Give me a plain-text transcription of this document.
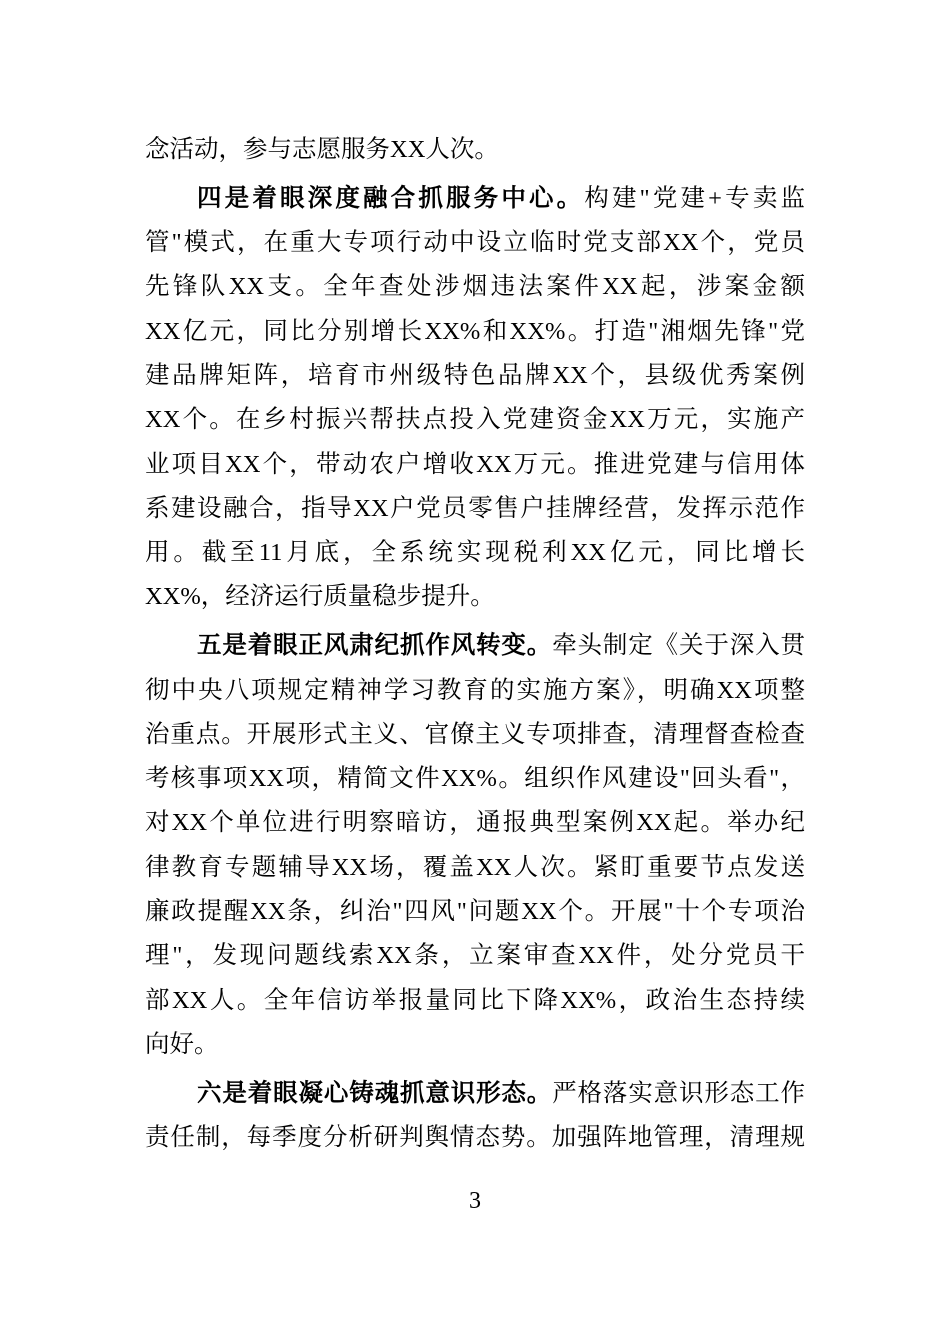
念活动，参与志愿服务XX人次。
四是着眼深度融合抓服务中心。构建"党建+专卖监
管"模式，在重大专项行动中设立临时党支部XX个，党员
先锋队XX支。全年查处涉烟违法案件XX起，涉案金额
XX亿元，同比分别增长XX%和XX%。打造"湘烟先锋"党
建品牌矩阵，培育市州级特色品牌XX个，县级优秀案例
XX个。在乡村振兴帮扶点投入党建资金XX万元，实施产
业项目XX个，带动农户增收XX万元。推进党建与信用体
系建设融合，指导XX户党员零售户挂牌经营，发挥示范作
用。截至11月底，全系统实现税利XX亿元，同比增长
XX%，经济运行质量稳步提升。
五是着眼正风肃纪抓作风转变。牵头制定《关于深入贯
彻中央八项规定精神学习教育的实施方案》，明确XX项整
治重点。开展形式主义、官僚主义专项排查，清理督查检查
考核事项XX项，精简文件XX%。组织作风建设"回头看"，
对XX个单位进行明察暗访，通报典型案例XX起。举办纪
律教育专题辅导XX场，覆盖XX人次。紧盯重要节点发送
廉政提醒XX条，纠治"四风"问题XX个。开展"十个专项治
理"，发现问题线索XX条，立案审查XX件，处分党员干
部XX人。全年信访举报量同比下降XX%，政治生态持续
向好。
六是着眼凝心铸魂抓意识形态。严格落实意识形态工作
责任制，每季度分析研判舆情态势。加强阵地管理，清理规
3
